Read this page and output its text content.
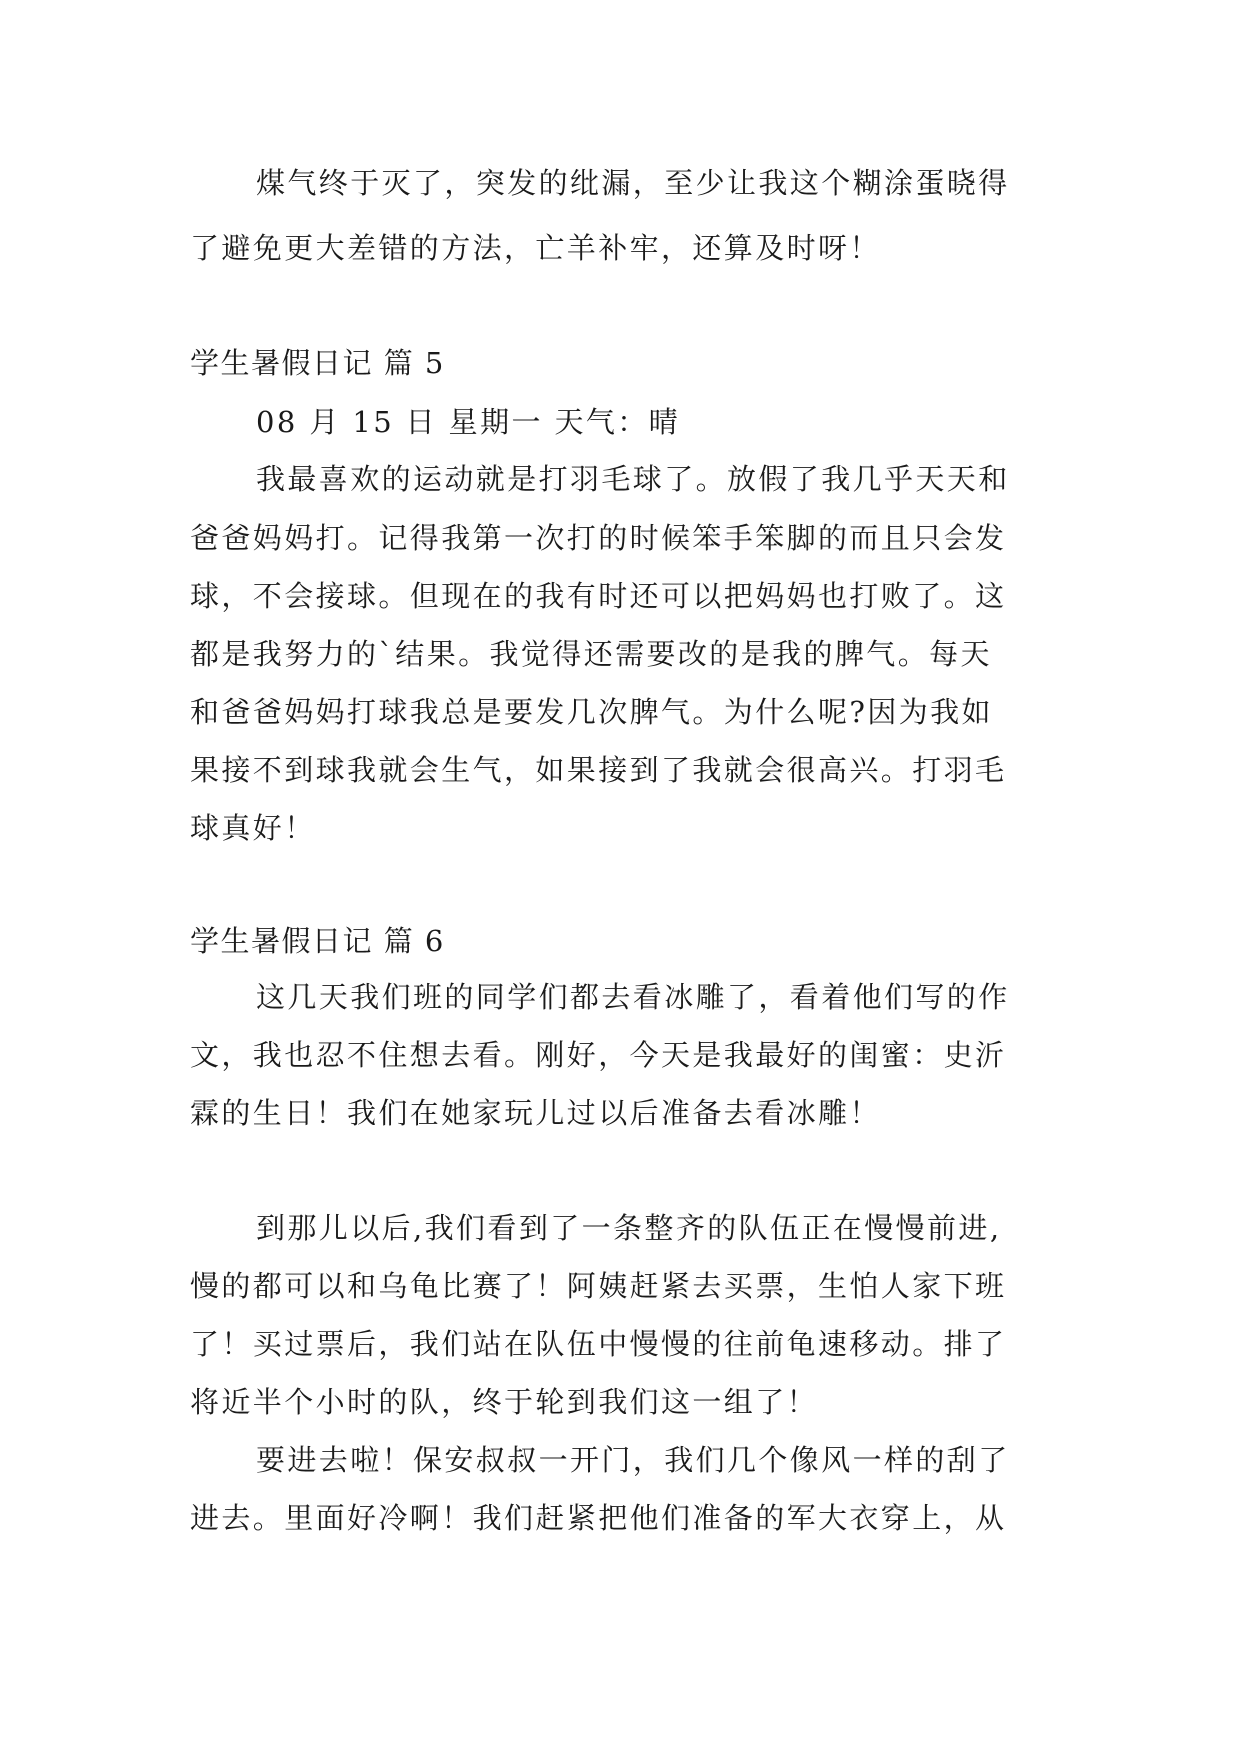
煤气终于灭了，突发的纰漏，至少让我这个糊涂蛋晓得
了避免更大差错的方法，亡羊补牢，还算及时呀！
学生暑假日记 篇 5
08 月 15 日 星期一 天气：晴
我最喜欢的运动就是打羽毛球了。放假了我几乎天天和
爸爸妈妈打。记得我第一次打的时候笨手笨脚的而且只会发
球，不会接球。但现在的我有时还可以把妈妈也打败了。这
都是我努力的`结果。我觉得还需要改的是我的脾气。每天
和爸爸妈妈打球我总是要发几次脾气。为什么呢?因为我如
果接不到球我就会生气，如果接到了我就会很高兴。打羽毛
球真好！
学生暑假日记 篇 6
这几天我们班的同学们都去看冰雕了，看着他们写的作
文，我也忍不住想去看。刚好，今天是我最好的闺蜜：史沂
霖的生日！我们在她家玩儿过以后准备去看冰雕！
到那儿以后,我们看到了一条整齐的队伍正在慢慢前进,
慢的都可以和乌龟比赛了！阿姨赶紧去买票，生怕人家下班
了！买过票后，我们站在队伍中慢慢的往前龟速移动。排了
将近半个小时的队，终于轮到我们这一组了！
要进去啦！保安叔叔一开门，我们几个像风一样的刮了
进去。里面好冷啊！我们赶紧把他们准备的军大衣穿上，从
